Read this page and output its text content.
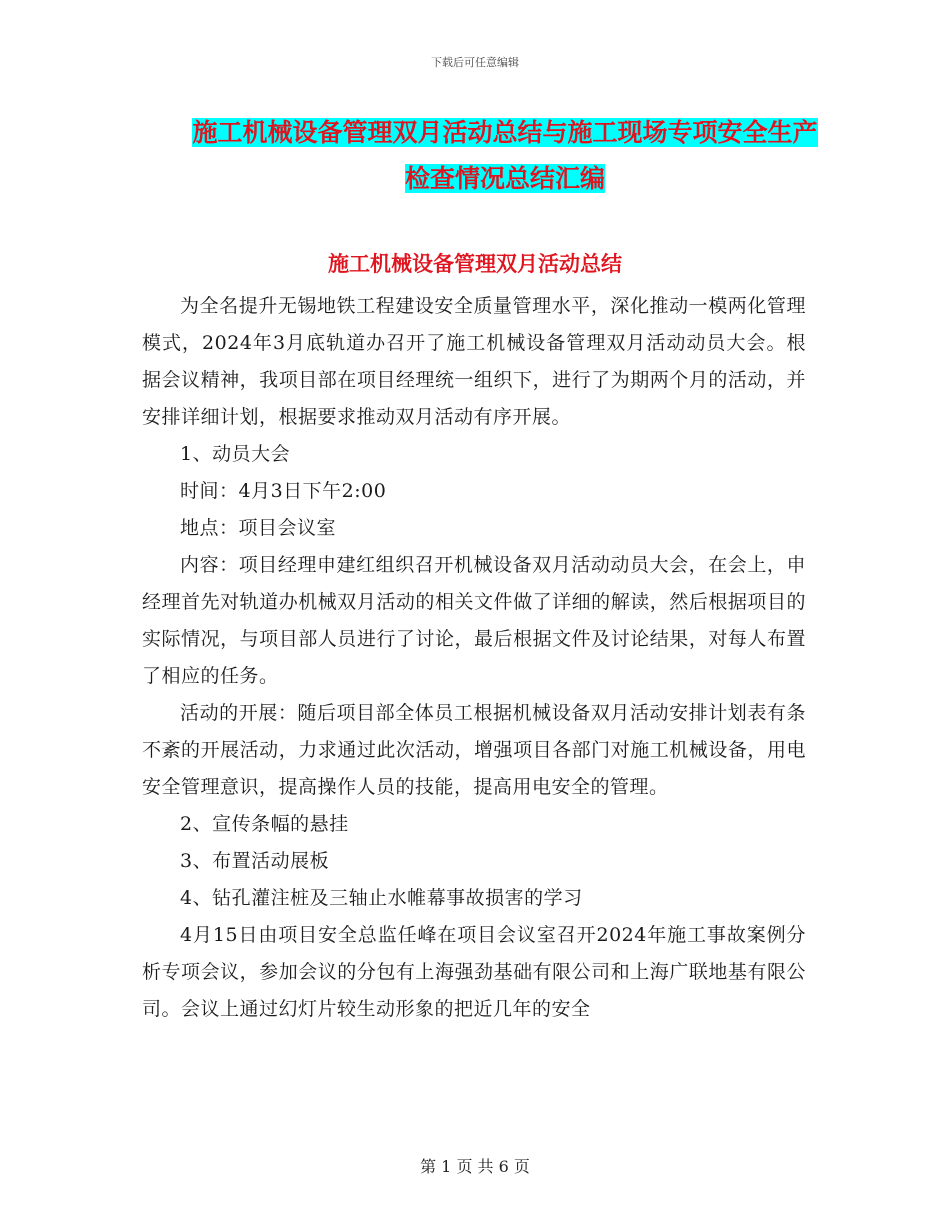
下载后可任意编辑
施工机械设备管理双月活动总结与施工现场专项安全生产检查情况总结汇编
施工机械设备管理双月活动总结

为全名提升无锡地铁工程建设安全质量管理水平，深化推动一模两化管理模式，2024年3月底轨道办召开了施工机械设备管理双月活动动员大会。根据会议精神，我项目部在项目经理统一组织下，进行了为期两个月的活动，并安排详细计划，根据要求推动双月活动有序开展。

1、动员大会

时间：4月3日下午2:00

地点：项目会议室

内容：项目经理申建红组织召开机械设备双月活动动员大会，在会上，申经理首先对轨道办机械双月活动的相关文件做了详细的解读，然后根据项目的实际情况，与项目部人员进行了讨论，最后根据文件及讨论结果，对每人布置了相应的任务。

活动的开展：随后项目部全体员工根据机械设备双月活动安排计划表有条不紊的开展活动，力求通过此次活动，增强项目各部门对施工机械设备，用电安全管理意识，提高操作人员的技能，提高用电安全的管理。

2、宣传条幅的悬挂

3、布置活动展板

4、钻孔灌注桩及三轴止水帷幕事故损害的学习

4月15日由项目安全总监任峰在项目会议室召开2024年施工事故案例分析专项会议，参加会议的分包有上海强劲基础有限公司和上海广联地基有限公司。会议上通过幻灯片较生动形象的把近几年的安全

第 1 页 共 6 页
